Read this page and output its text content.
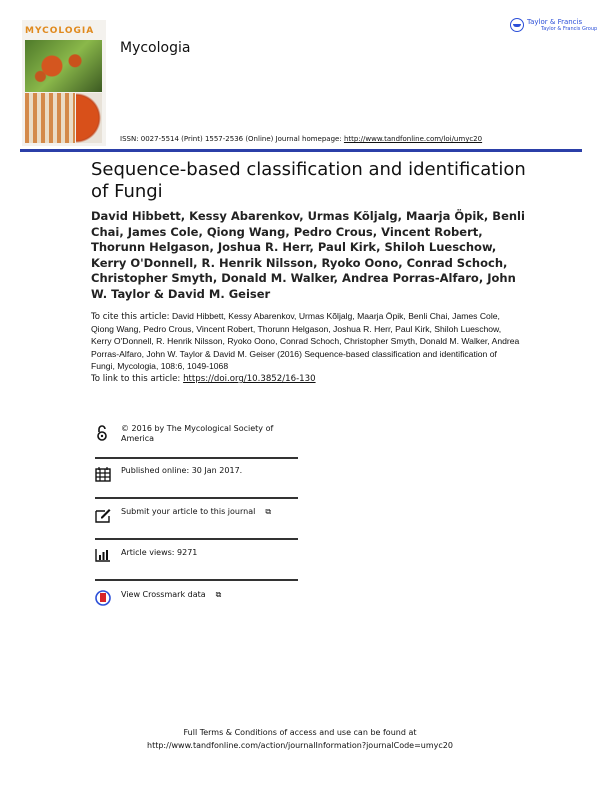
MYCOLOGIA
Mycologia
Taylor & Francis
Taylor & Francis Group
ISSN: 0027-5514 (Print) 1557-2536 (Online) Journal homepage: http://www.tandfonline.com/loi/umyc20
Sequence-based classification and identification of Fungi
David Hibbett, Kessy Abarenkov, Urmas Kõljalg, Maarja Öpik, Benli Chai, James Cole, Qiong Wang, Pedro Crous, Vincent Robert, Thorunn Helgason, Joshua R. Herr, Paul Kirk, Shiloh Lueschow, Kerry O'Donnell, R. Henrik Nilsson, Ryoko Oono, Conrad Schoch, Christopher Smyth, Donald M. Walker, Andrea Porras-Alfaro, John W. Taylor & David M. Geiser
To cite this article: David Hibbett, Kessy Abarenkov, Urmas Kõljalg, Maarja Öpik, Benli Chai, James Cole, Qiong Wang, Pedro Crous, Vincent Robert, Thorunn Helgason, Joshua R. Herr, Paul Kirk, Shiloh Lueschow, Kerry O'Donnell, R. Henrik Nilsson, Ryoko Oono, Conrad Schoch, Christopher Smyth, Donald M. Walker, Andrea Porras-Alfaro, John W. Taylor & David M. Geiser (2016) Sequence-based classification and identification of Fungi, Mycologia, 108:6, 1049-1068
To link to this article: https://doi.org/10.3852/16-130
© 2016 by The Mycological Society of America
Published online: 30 Jan 2017.
Submit your article to this journal ⧉
Article views: 9271
View Crossmark data ⧉
Full Terms & Conditions of access and use can be found at
http://www.tandfonline.com/action/journalInformation?journalCode=umyc20
